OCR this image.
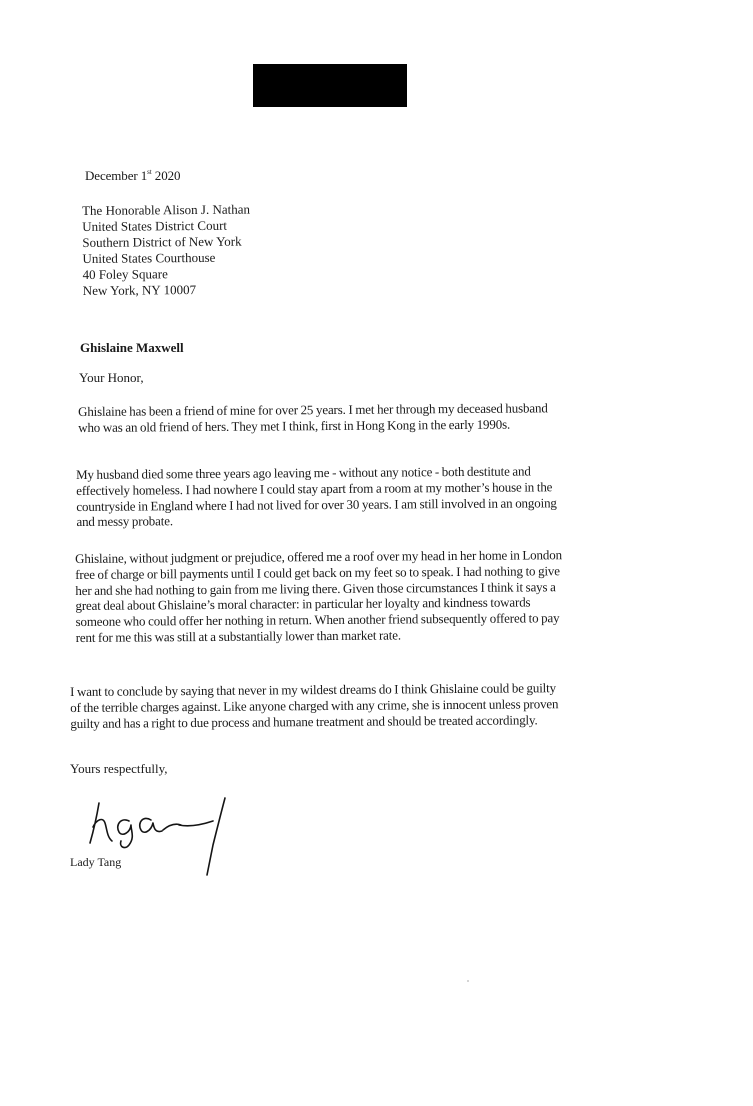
December 1st 2020
The Honorable Alison J. Nathan
United States District Court
Southern District of New York
United States Courthouse
40 Foley Square
New York, NY 10007
Ghislaine Maxwell
Your Honor,
Ghislaine has been a friend of mine for over 25 years. I met her through my deceased husband who was an old friend of hers. They met I think, first in Hong Kong in the early 1990s.
My husband died some three years ago leaving me - without any notice - both destitute and effectively homeless. I had nowhere I could stay apart from a room at my mother’s house in the countryside in England where I had not lived for over 30 years. I am still involved in an ongoing and messy probate.
Ghislaine, without judgment or prejudice, offered me a roof over my head in her home in London free of charge or bill payments until I could get back on my feet so to speak. I had nothing to give her and she had nothing to gain from me living there. Given those circumstances I think it says a great deal about Ghislaine’s moral character: in particular her loyalty and kindness towards someone who could offer her nothing in return. When another friend subsequently offered to pay rent for me this was still at a substantially lower than market rate.
I want to conclude by saying that never in my wildest dreams do I think Ghislaine could be guilty of the terrible charges against. Like anyone charged with any crime, she is innocent unless proven guilty and has a right to due process and humane treatment and should be treated accordingly.
Yours respectfully,
Lady Tang
